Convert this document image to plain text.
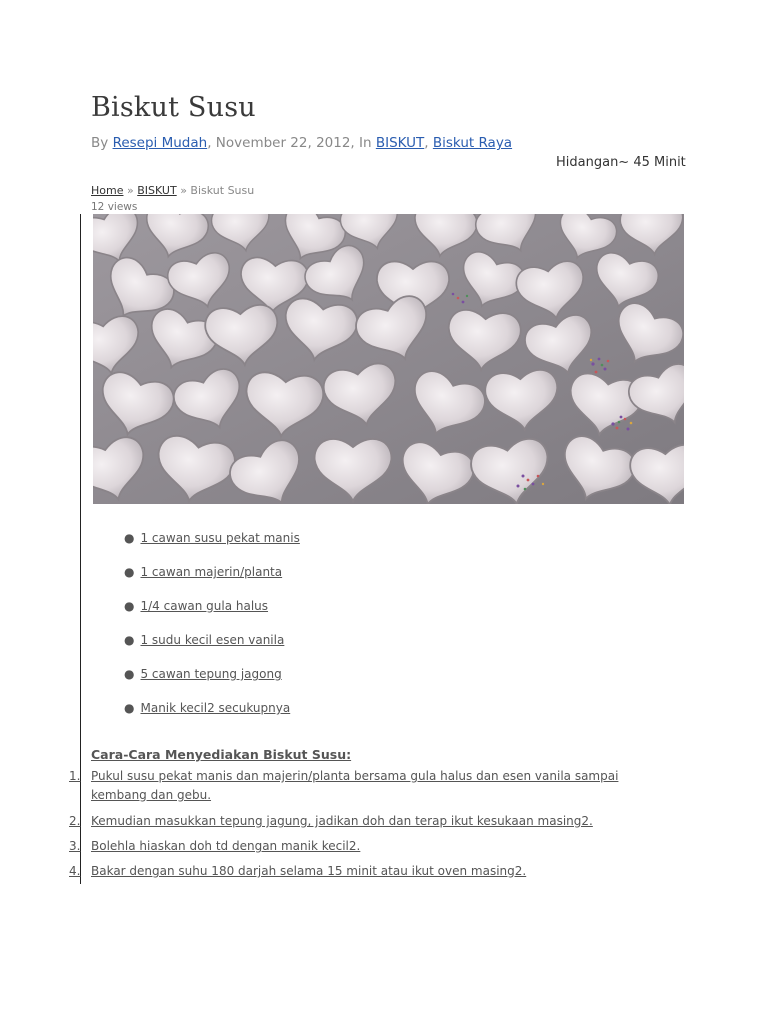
Biskut Susu
By Resepi Mudah, November 22, 2012, In BISKUT, Biskut Raya
Hidangan~ 45 Minit
Home » BISKUT » Biskut Susu
12 views
● 1 cawan susu pekat manis
● 1 cawan majerin/planta
● 1/4 cawan gula halus
● 1 sudu kecil esen vanila
● 5 cawan tepung jagong
● Manik kecil2 secukupnya
Cara-Cara Menyediakan Biskut Susu:
1. Pukul susu pekat manis dan majerin/planta bersama gula halus dan esen vanila sampai kembang dan gebu.
2. Kemudian masukkan tepung jagung, jadikan doh dan terap ikut kesukaan masing2.
3. Bolehla hiaskan doh td dengan manik kecil2.
4. Bakar dengan suhu 180 darjah selama 15 minit atau ikut oven masing2.
